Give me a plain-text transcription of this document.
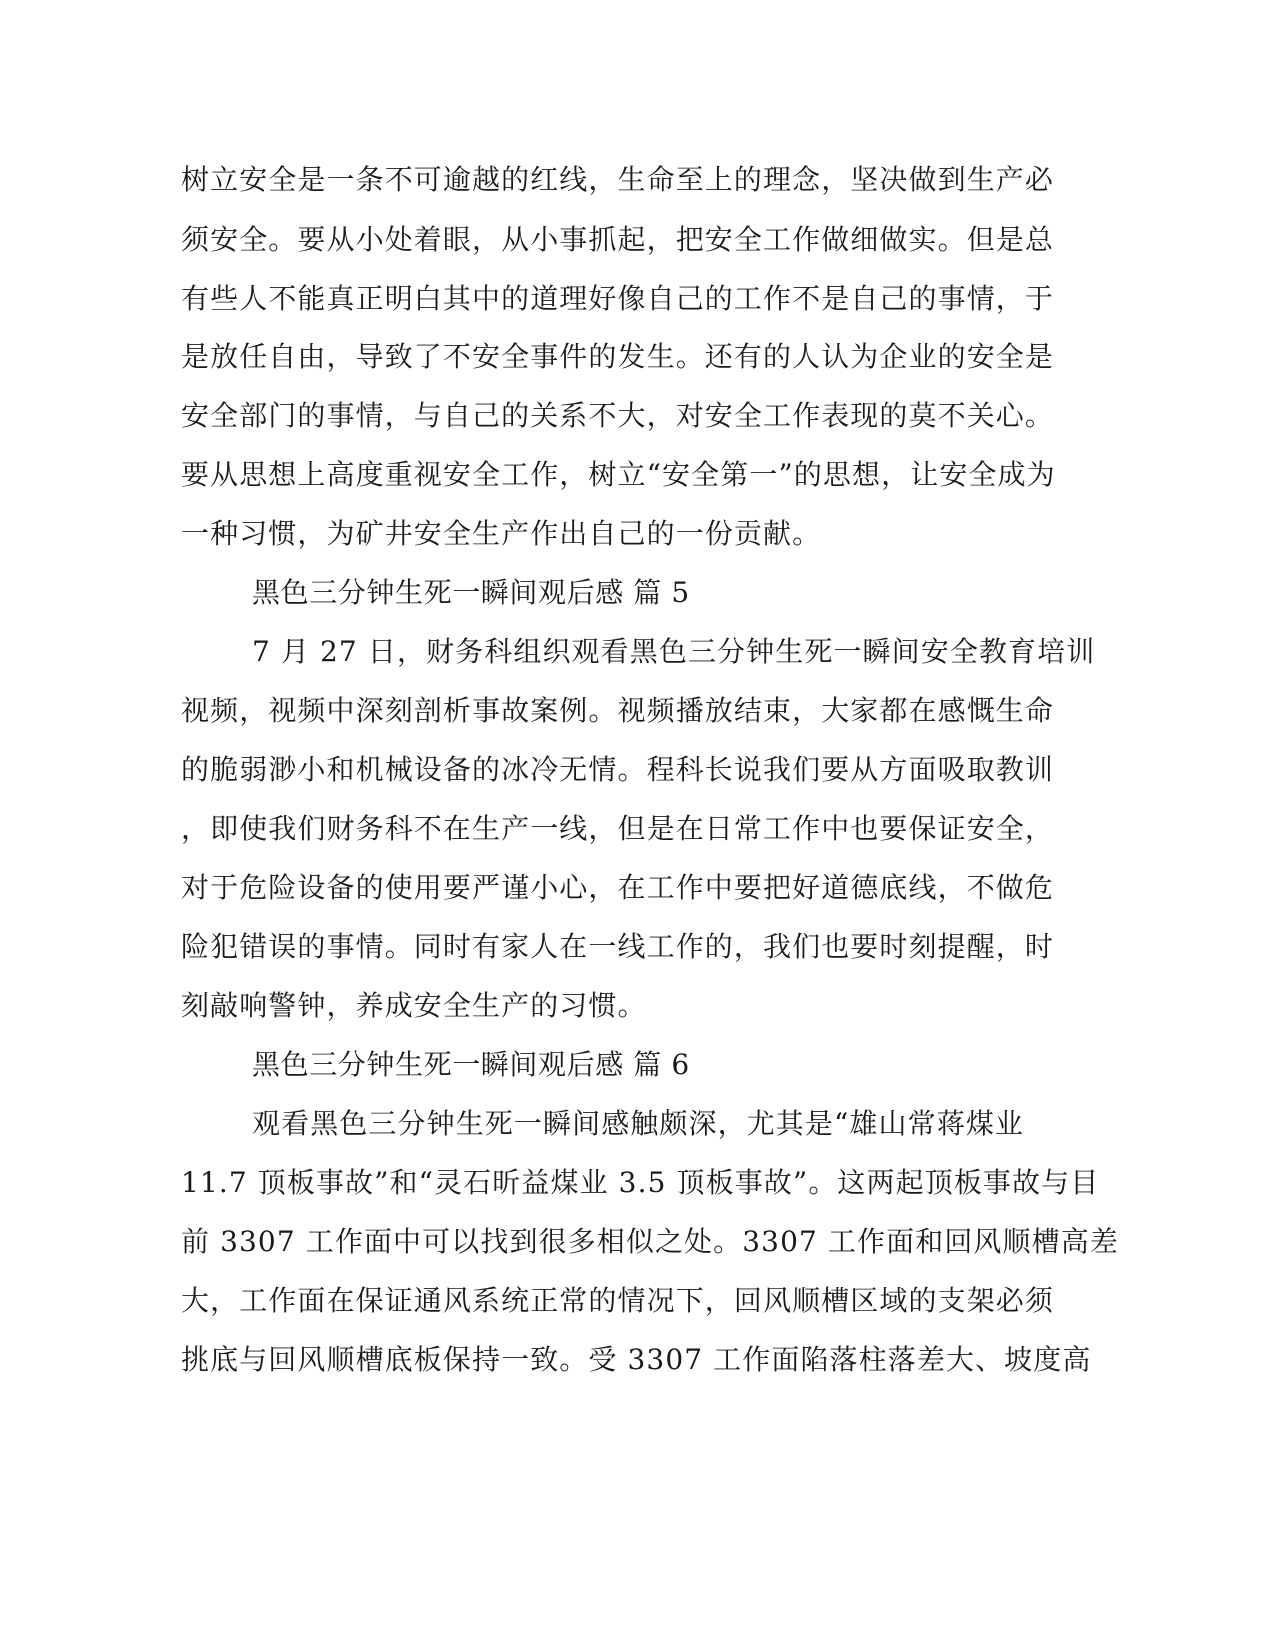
树立安全是一条不可逾越的红线，生命至上的理念，坚决做到生产必
须安全。要从小处着眼，从小事抓起，把安全工作做细做实。但是总
有些人不能真正明白其中的道理好像自己的工作不是自己的事情，于
是放任自由，导致了不安全事件的发生。还有的人认为企业的安全是
安全部门的事情，与自己的关系不大，对安全工作表现的莫不关心。
要从思想上高度重视安全工作，树立“安全第一”的思想，让安全成为
一种习惯，为矿井安全生产作出自己的一份贡献。
黑色三分钟生死一瞬间观后感 篇 5
7 月 27 日，财务科组织观看黑色三分钟生死一瞬间安全教育培训
视频，视频中深刻剖析事故案例。视频播放结束，大家都在感慨生命
的脆弱渺小和机械设备的冰冷无情。程科长说我们要从方面吸取教训
，即使我们财务科不在生产一线，但是在日常工作中也要保证安全，
对于危险设备的使用要严谨小心，在工作中要把好道德底线，不做危
险犯错误的事情。同时有家人在一线工作的，我们也要时刻提醒，时
刻敲响警钟，养成安全生产的习惯。
黑色三分钟生死一瞬间观后感 篇 6
观看黑色三分钟生死一瞬间感触颇深，尤其是“雄山常蒋煤业
11.7 顶板事故”和“灵石昕益煤业 3.5 顶板事故”。这两起顶板事故与目
前 3307 工作面中可以找到很多相似之处。3307 工作面和回风顺槽高差
大，工作面在保证通风系统正常的情况下，回风顺槽区域的支架必须
挑底与回风顺槽底板保持一致。受 3307 工作面陷落柱落差大、坡度高
